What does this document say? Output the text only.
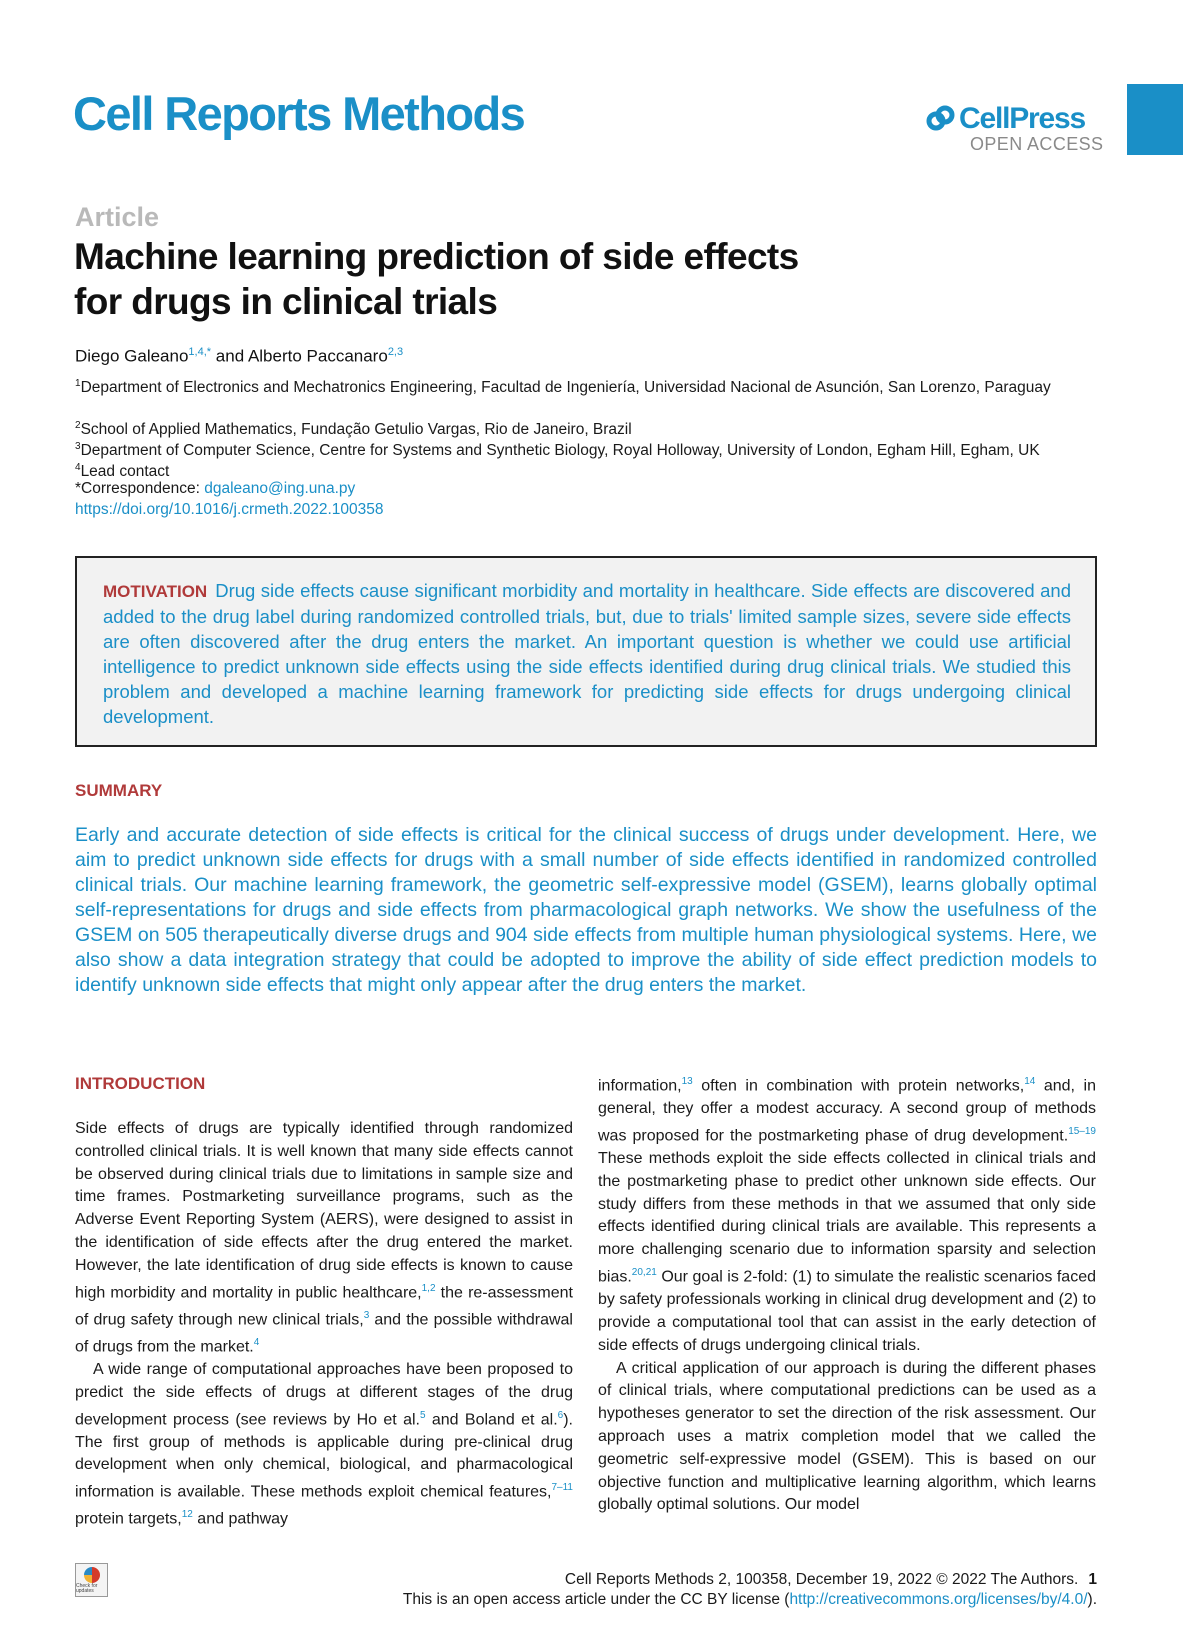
Cell Reports Methods	CellPress
OPEN ACCESS
Article
Machine learning prediction of side effects
for drugs in clinical trials
Diego Galeano$^{1,4,*}$ and Alberto Paccanaro$^{2,3}$
$^1$Department of Electronics and Mechatronics Engineering, Facultad de Ingeniería, Universidad Nacional de Asunción, San Lorenzo, Paraguay
$^2$School of Applied Mathematics, Fundação Getulio Vargas, Rio de Janeiro, Brazil
$^3$Department of Computer Science, Centre for Systems and Synthetic Biology, Royal Holloway, University of London, Egham Hill, Egham, UK
$^4$Lead contact
*Correspondence: dgaleano@ing.una.py
https://doi.org/10.1016/j.crmeth.2022.100358

MOTIVATION Drug side effects cause significant morbidity and mortality in healthcare. Side effects are discovered and added to the drug label during randomized controlled trials, but, due to trials' limited sample sizes, severe side effects are often discovered after the drug enters the market. An important question is whether we could use artificial intelligence to predict unknown side effects using the side effects identified during drug clinical trials. We studied this problem and developed a machine learning framework for predicting side effects for drugs undergoing clinical development.

SUMMARY
Early and accurate detection of side effects is critical for the clinical success of drugs under development. Here, we aim to predict unknown side effects for drugs with a small number of side effects identified in randomized controlled clinical trials. Our machine learning framework, the geometric self-expressive model (GSEM), learns globally optimal self-representations for drugs and side effects from pharmacological graph networks. We show the usefulness of the GSEM on 505 therapeutically diverse drugs and 904 side effects from multiple human physiological systems. Here, we also show a data integration strategy that could be adopted to improve the ability of side effect prediction models to identify unknown side effects that might only appear after the drug enters the market.
INTRODUCTION

Side effects of drugs are typically identified through randomized controlled clinical trials. It is well known that many side effects cannot be observed during clinical trials due to limitations in sample size and time frames. Postmarketing surveillance programs, such as the Adverse Event Reporting System (AERS), were designed to assist in the identification of side effects after the drug entered the market. However, the late identification of drug side effects is known to cause high morbidity and mortality in public healthcare,$^{1,2}$ the re-assessment of drug safety through new clinical trials,$^3$ and the possible withdrawal of drugs from the market.$^4$

A wide range of computational approaches have been proposed to predict the side effects of drugs at different stages of the drug development process (see reviews by Ho et al.$^5$ and Boland et al.$^6$). The first group of methods is applicable during pre-clinical drug development when only chemical, biological, and pharmacological information is available. These methods exploit chemical features,$^{7-11}$ protein targets,$^{12}$ and pathway

information,$^{13}$ often in combination with protein networks,$^{14}$ and, in general, they offer a modest accuracy. A second group of methods was proposed for the postmarketing phase of drug development.$^{15-19}$ These methods exploit the side effects collected in clinical trials and the postmarketing phase to predict other unknown side effects. Our study differs from these methods in that we assumed that only side effects identified during clinical trials are available. This represents a more challenging scenario due to information sparsity and selection bias.$^{20,21}$ Our goal is 2-fold: (1) to simulate the realistic scenarios faced by safety professionals working in clinical drug development and (2) to provide a computational tool that can assist in the early detection of side effects of drugs undergoing clinical trials.

A critical application of our approach is during the different phases of clinical trials, where computational predictions can be used as a hypotheses generator to set the direction of the risk assessment. Our approach uses a matrix completion model that we called the geometric self-expressive model (GSEM). This is based on our objective function and multiplicative learning algorithm, which learns globally optimal solutions. Our model

Check for updates
Cell Reports Methods 2, 100358, December 19, 2022 © 2022 The Authors. 1
This is an open access article under the CC BY license (http://creativecommons.org/licenses/by/4.0/).
